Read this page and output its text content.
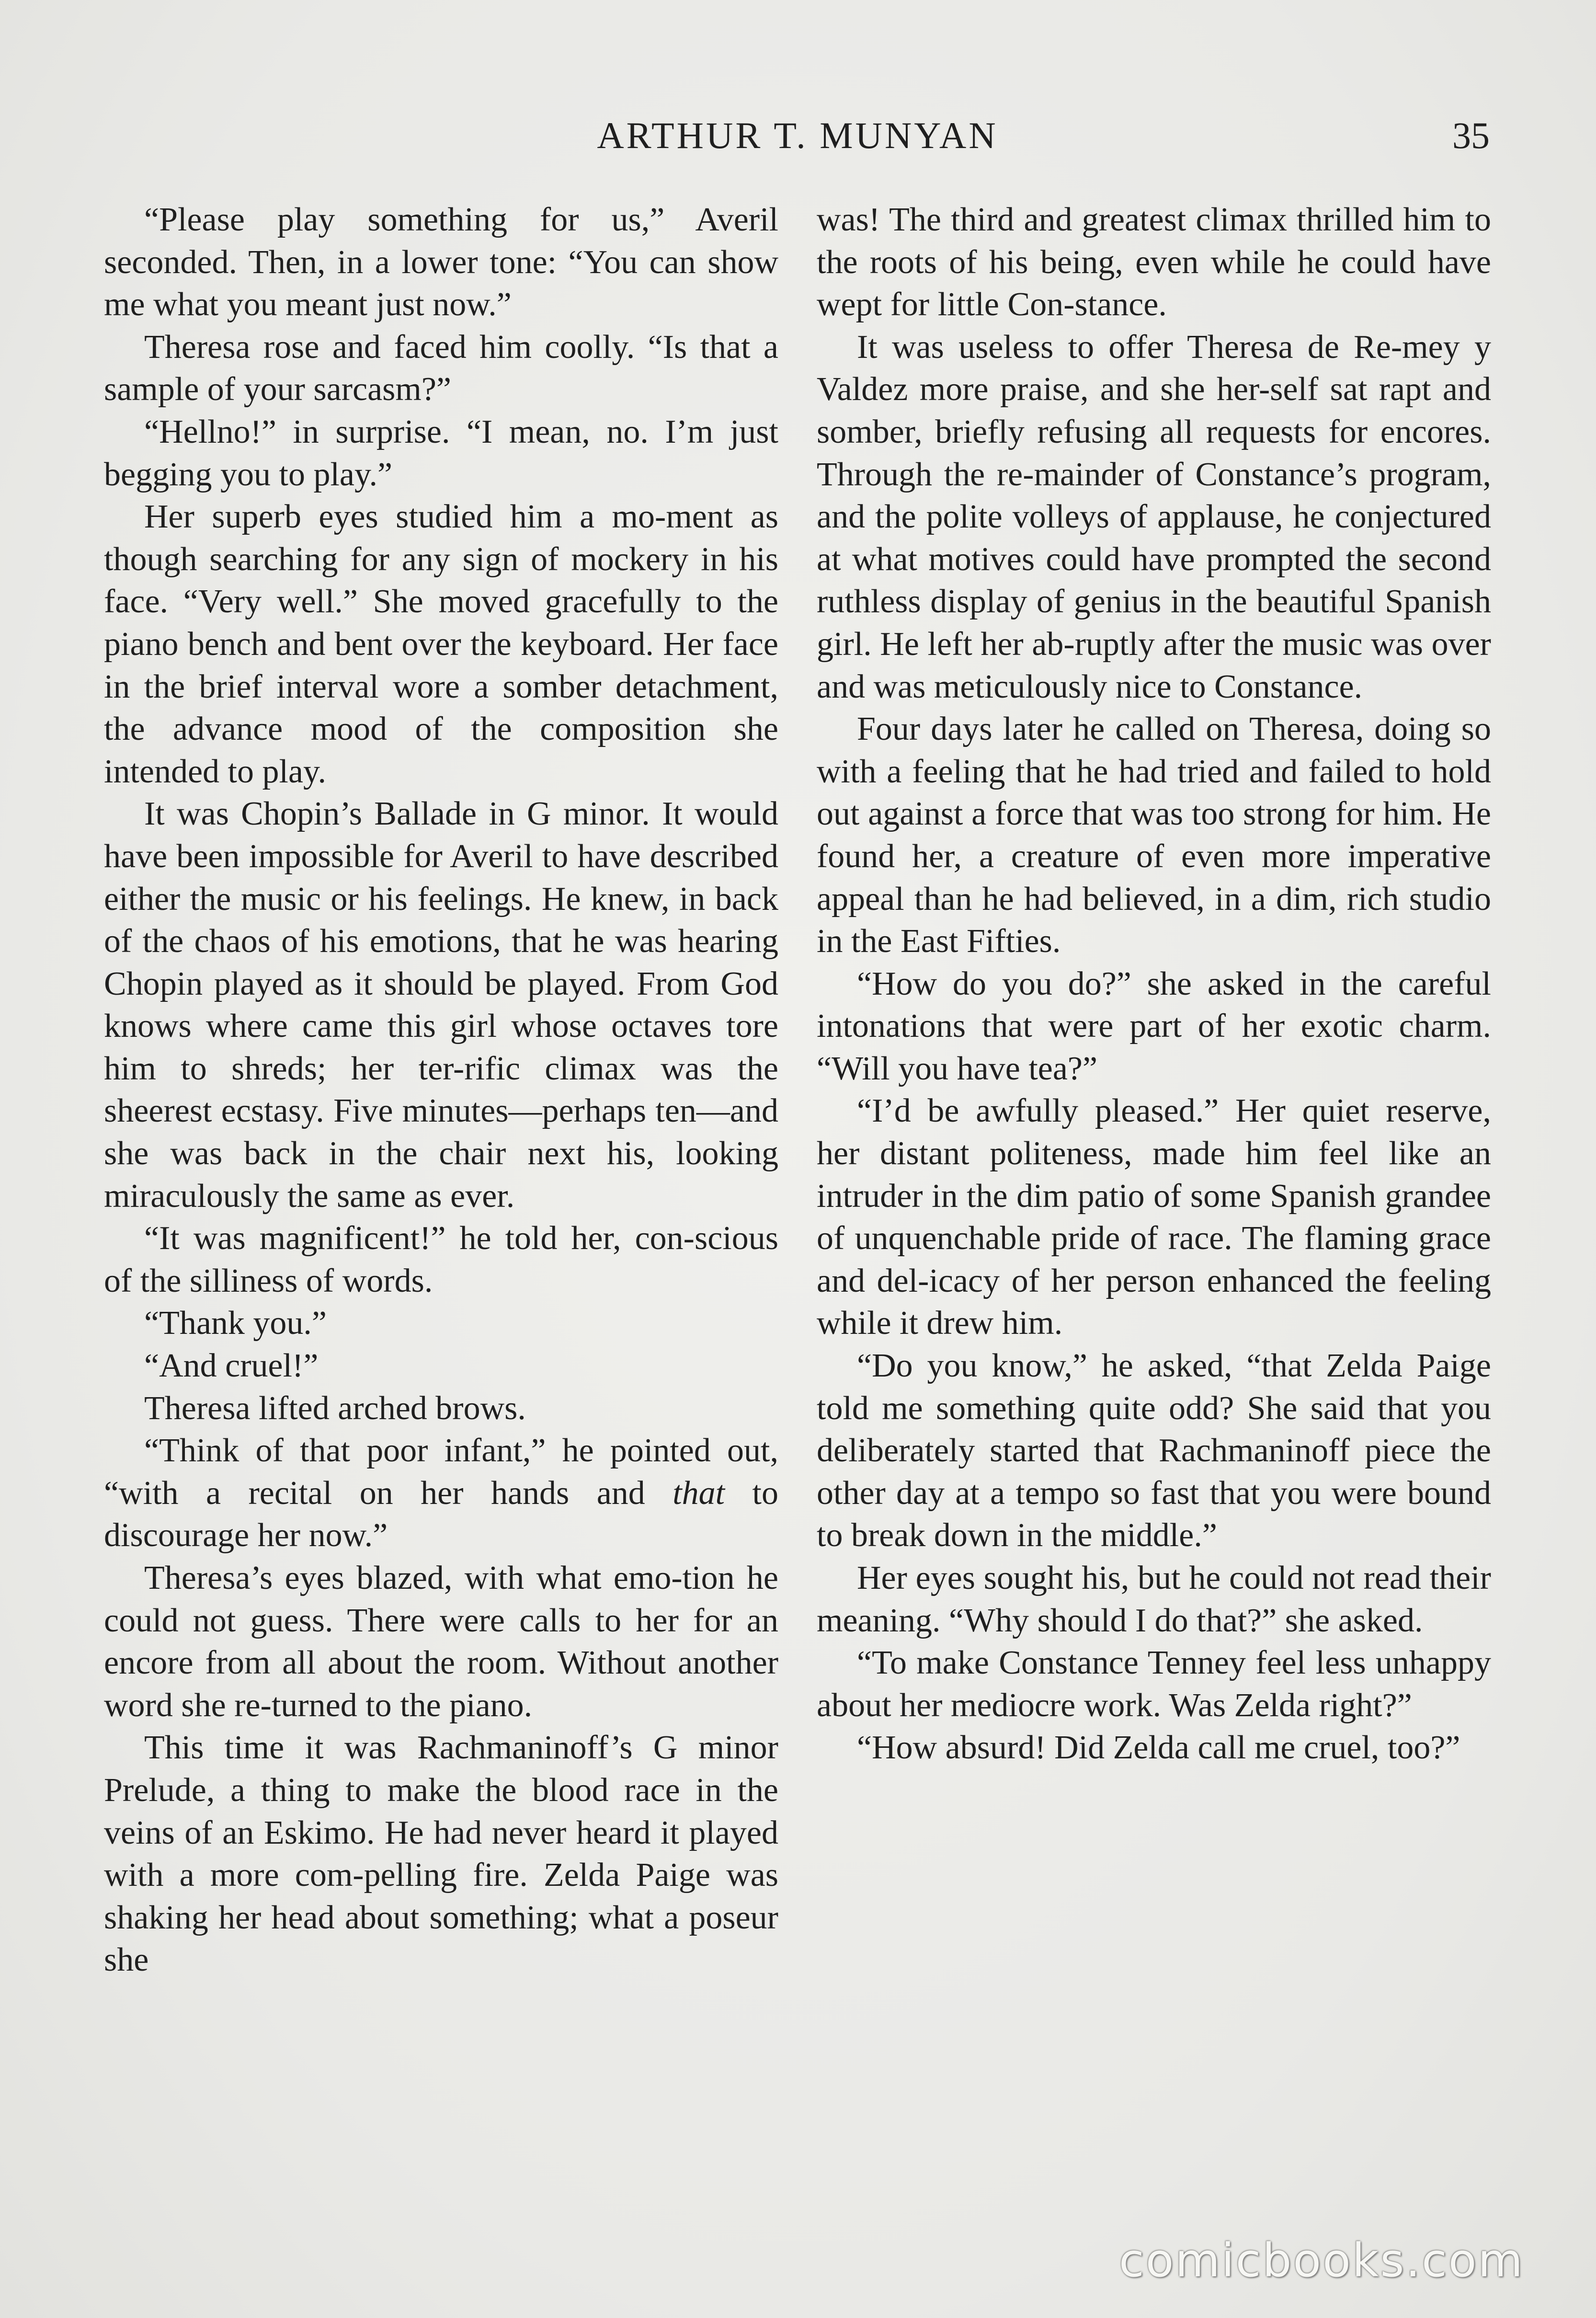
ARTHUR T. MUNYAN	35

“Please play something for us,” Averil seconded. Then, in a lower tone: “You can show me what you meant just now.”

Theresa rose and faced him coolly. “Is that a sample of your sarcasm?”

“Hellno!” in surprise. “I mean, no. I’m just begging you to play.”

Her superb eyes studied him a mo-ment as though searching for any sign of mockery in his face. “Very well.” She moved gracefully to the piano bench and bent over the keyboard. Her face in the brief interval wore a somber detachment, the advance mood of the composition she intended to play.

It was Chopin’s Ballade in G minor. It would have been impossible for Averil to have described either the music or his feelings. He knew, in back of the chaos of his emotions, that he was hearing Chopin played as it should be played. From God knows where came this girl whose octaves tore him to shreds; her ter-rific climax was the sheerest ecstasy. Five minutes—perhaps ten—and she was back in the chair next his, looking miraculously the same as ever.

“It was magnificent!” he told her, con-scious of the silliness of words.

“Thank you.”

“And cruel!”

Theresa lifted arched brows.

“Think of that poor infant,” he pointed out, “with a recital on her hands and that to discourage her now.”

Theresa’s eyes blazed, with what emo-tion he could not guess. There were calls to her for an encore from all about the room. Without another word she re-turned to the piano.

This time it was Rachmaninoff’s G minor Prelude, a thing to make the blood race in the veins of an Eskimo. He had never heard it played with a more com-pelling fire. Zelda Paige was shaking her head about something; what a poseur she

was! The third and greatest climax thrilled him to the roots of his being, even while he could have wept for little Con-stance.

It was useless to offer Theresa de Re-mey y Valdez more praise, and she her-self sat rapt and somber, briefly refusing all requests for encores. Through the re-mainder of Constance’s program, and the polite volleys of applause, he conjectured at what motives could have prompted the second ruthless display of genius in the beautiful Spanish girl. He left her ab-ruptly after the music was over and was meticulously nice to Constance.

Four days later he called on Theresa, doing so with a feeling that he had tried and failed to hold out against a force that was too strong for him. He found her, a creature of even more imperative appeal than he had believed, in a dim, rich studio in the East Fifties.

“How do you do?” she asked in the careful intonations that were part of her exotic charm. “Will you have tea?”

“I’d be awfully pleased.” Her quiet reserve, her distant politeness, made him feel like an intruder in the dim patio of some Spanish grandee of unquenchable pride of race. The flaming grace and del-icacy of her person enhanced the feeling while it drew him.

“Do you know,” he asked, “that Zelda Paige told me something quite odd? She said that you deliberately started that Rachmaninoff piece the other day at a tempo so fast that you were bound to break down in the middle.”

Her eyes sought his, but he could not read their meaning. “Why should I do that?” she asked.

“To make Constance Tenney feel less unhappy about her mediocre work. Was Zelda right?”

“How absurd! Did Zelda call me cruel, too?”

comicbooks.com
